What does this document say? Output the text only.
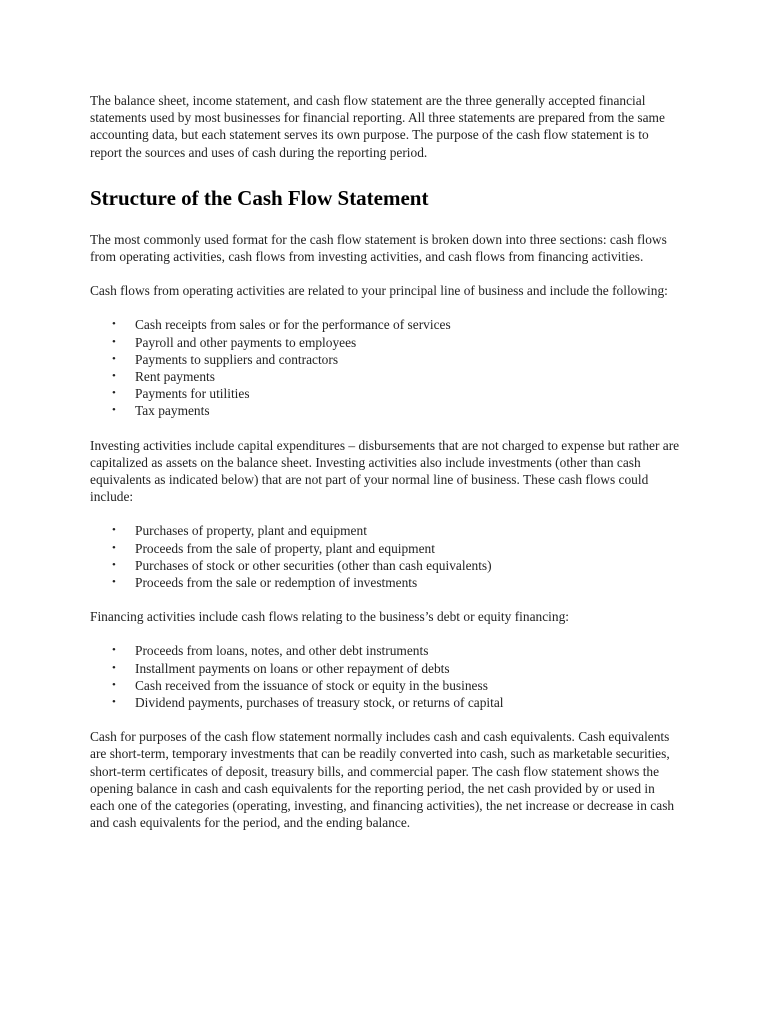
The balance sheet, income statement, and cash flow statement are the three generally accepted financial statements used by most businesses for financial reporting. All three statements are prepared from the same accounting data, but each statement serves its own purpose. The purpose of the cash flow statement is to report the sources and uses of cash during the reporting period.

Structure of the Cash Flow Statement

The most commonly used format for the cash flow statement is broken down into three sections: cash flows from operating activities, cash flows from investing activities, and cash flows from financing activities.

Cash flows from operating activities are related to your principal line of business and include the following:

• Cash receipts from sales or for the performance of services
• Payroll and other payments to employees
• Payments to suppliers and contractors
• Rent payments
• Payments for utilities
• Tax payments

Investing activities include capital expenditures – disbursements that are not charged to expense but rather are capitalized as assets on the balance sheet. Investing activities also include investments (other than cash equivalents as indicated below) that are not part of your normal line of business. These cash flows could include:

• Purchases of property, plant and equipment
• Proceeds from the sale of property, plant and equipment
• Purchases of stock or other securities (other than cash equivalents)
• Proceeds from the sale or redemption of investments

Financing activities include cash flows relating to the business’s debt or equity financing:

• Proceeds from loans, notes, and other debt instruments
• Installment payments on loans or other repayment of debts
• Cash received from the issuance of stock or equity in the business
• Dividend payments, purchases of treasury stock, or returns of capital

Cash for purposes of the cash flow statement normally includes cash and cash equivalents. Cash equivalents are short-term, temporary investments that can be readily converted into cash, such as marketable securities, short-term certificates of deposit, treasury bills, and commercial paper. The cash flow statement shows the opening balance in cash and cash equivalents for the reporting period, the net cash provided by or used in each one of the categories (operating, investing, and financing activities), the net increase or decrease in cash and cash equivalents for the period, and the ending balance.
